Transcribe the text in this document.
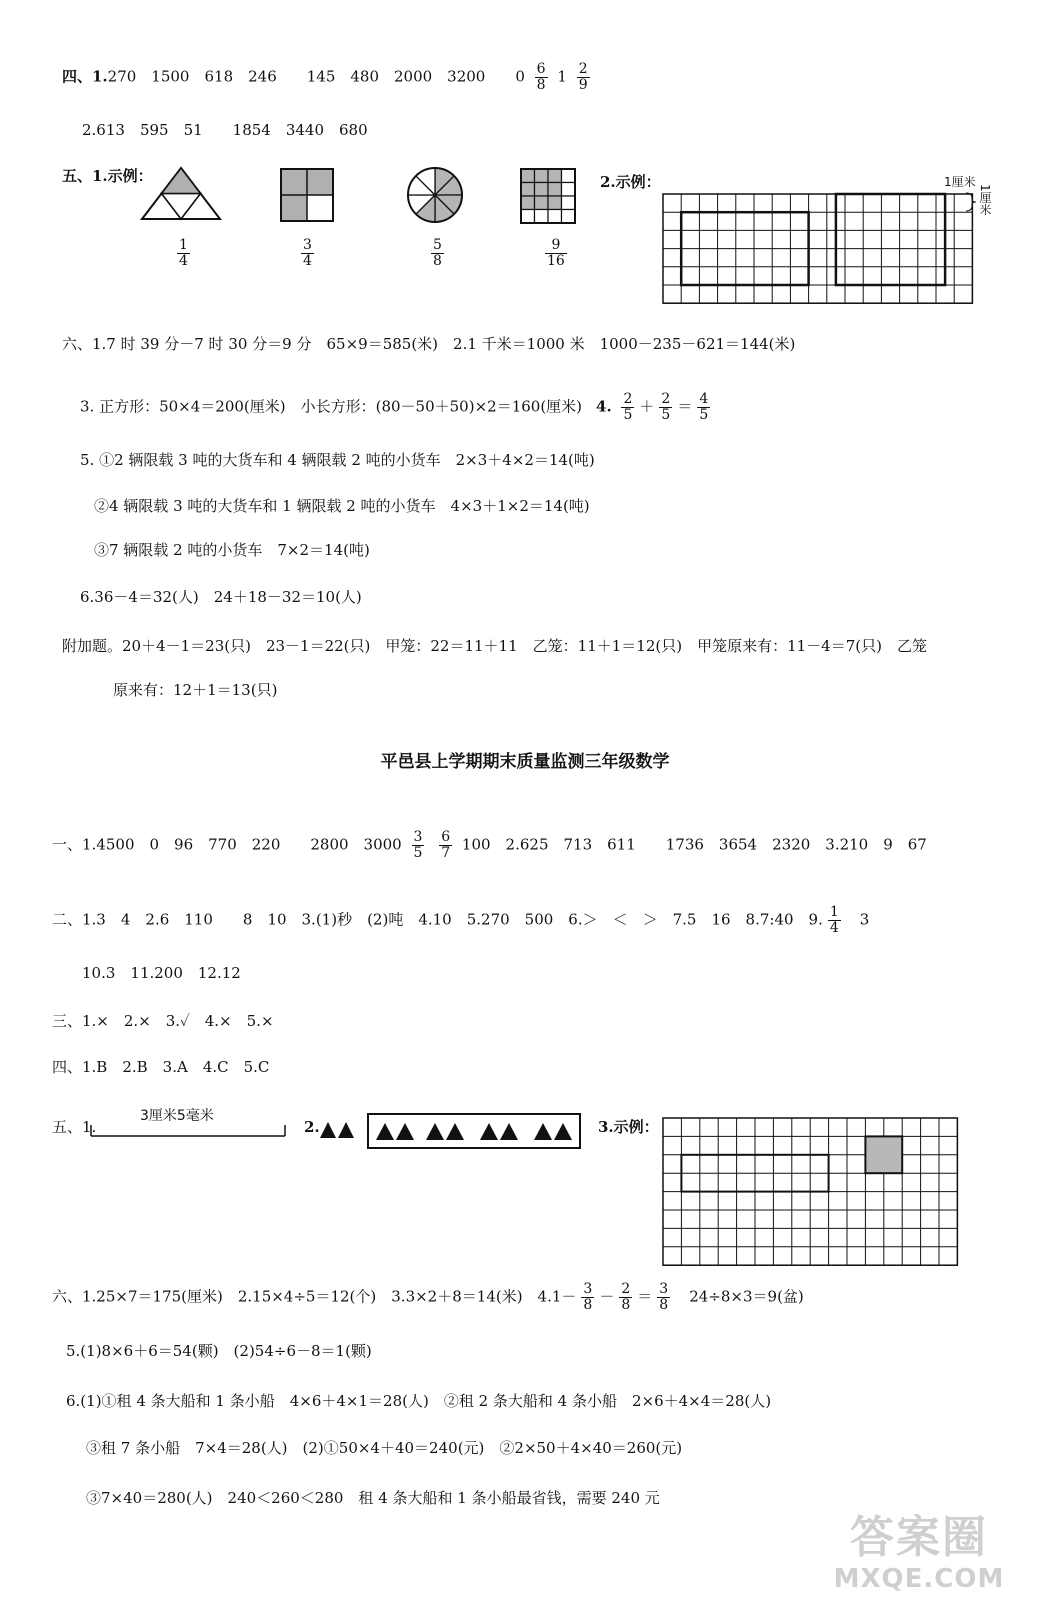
四、1.270　1500　618　246　　145　480　2000　3200　　$0 \frac{6}{8} 1 \frac{2}{9}$
2.613　595　51　　1854　3440　680
五、1.示例：
$\frac{1}{4}$	$\frac{3}{4}$	$\frac{5}{8}$	$\frac{9}{16}$
2.示例：	1厘米
1厘米
六、1.7 时 39 分－7 时 30 分＝9 分　65×9＝585(米)　2.1 千米＝1000 米　1000－235－621＝144(米)
3. 正方形：50×4＝200(厘米)　小长方形：(80－50＋50)×2＝160(厘米) 4. $\frac{2}{5} + \frac{2}{5} = \frac{4}{5}$
5. ①2 辆限载 3 吨的大货车和 4 辆限载 2 吨的小货车　2×3＋4×2＝14(吨)
②4 辆限载 3 吨的大货车和 1 辆限载 2 吨的小货车　4×3＋1×2＝14(吨)
③7 辆限载 2 吨的小货车　7×2＝14(吨)
6.36－4＝32(人)　24＋18－32＝10(人)
附加题。20＋4－1＝23(只)　23－1＝22(只)　甲笼：22＝11＋11　乙笼：11＋1＝12(只)　甲笼原来有：11－4＝7(只)　乙笼
原来有：12＋1＝13(只)
平邑县上学期期末质量监测三年级数学
一、1.4500　0　96　770　220　　2800　$3000 \frac{3}{5}$
$\frac{6}{7} 100$　2.625　713　611　　1736　3654　2320　3.210　9　67
二、1.3　4　2.6　110　　8　10　3.(1)秒　(2)吨　4.10　5.270　500　6.＞　＜　＞　7.5　16　8.7:40　9. $\frac{1}{4} 3$
10.3　11.200　12.12
三、1.×　2.×　3.✓　4.×　5.×
四、1.B　2.B　3.A　4.C　5.C
五、1.
3厘米5毫米
2.	3.示例：
六、1.25×7＝175(厘米)　2.15×4÷5＝12(个)　3.3×2＋8＝14(米)　$4.1- \frac{3}{8} - \frac{2}{8} = \frac{3}{8} 24\div 8\times 3=9$(盆)
5.(1)8×6＋6＝54(颗)　(2)54÷6－8＝1(颗)
6.(1)①租 4 条大船和 1 条小船　4×6＋4×1＝28(人)　②租 2 条大船和 4 条小船　2×6＋4×4＝28(人)
③租 7 条小船　7×4＝28(人)　(2)①50×4＋40＝240(元)　②2×50＋4×40＝260(元)
③7×40＝280(人)　240＜260＜280　租 4 条大船和 1 条小船最省钱，需要 240 元
答案圈
MXQE.COM
